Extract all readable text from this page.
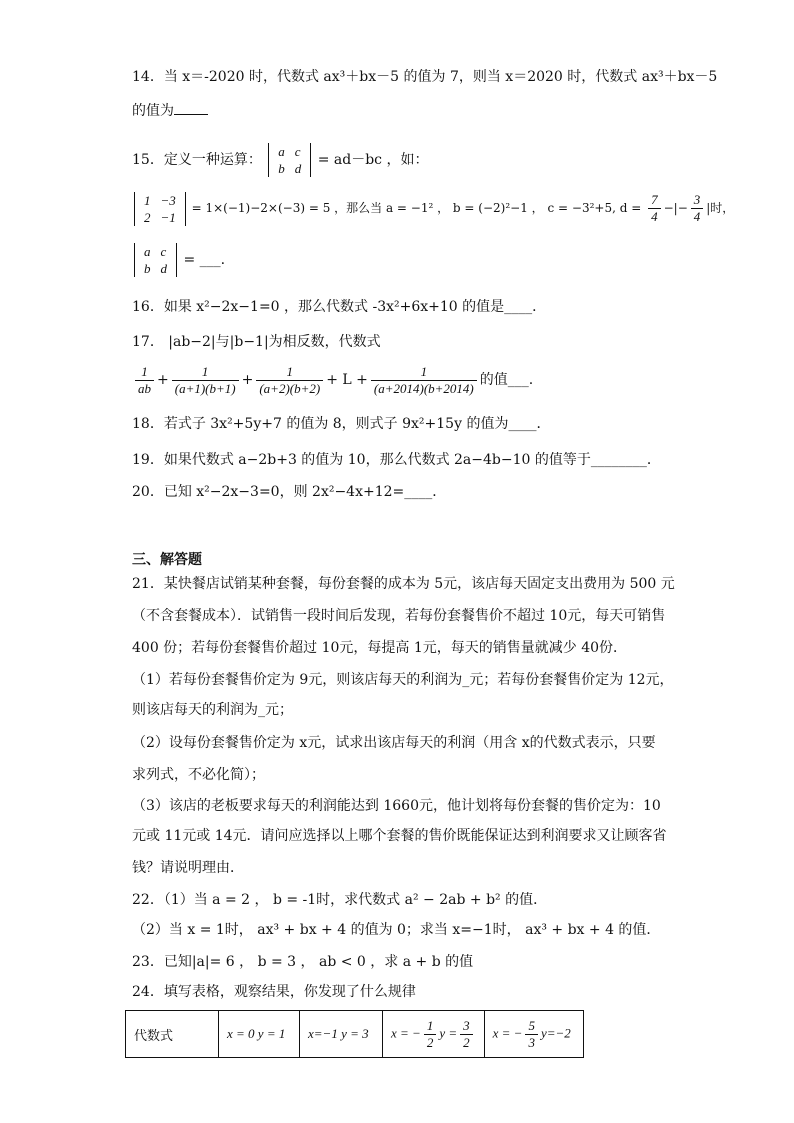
14．当 x＝-2020 时，代数式 ax³＋bx－5 的值为 7，则当 x＝2020 时，代数式 ax³＋bx－5
的值为
15．定义一种运算：
a	c
b	d
= ad－bc ，如：
1	−3
2	−1
= 1×(−1)−2×(−3) = 5 ，那么当 a = −1² ， b = (−2)²−1 ， c = −3²+5, $d = \frac{7}{4}$ −|− $\frac{3}{4}$ |时，
a	c
b	d
= ___.
16．如果 x²−2x−1=0 ，那么代数式 -3x²+6x+10 的值是____．
17． |ab−2|与|b−1|为相反数，代数式
$\frac{1}{ab} + \frac{1}{(a+1)(b+1)} + \frac{1}{(a+2)(b+2)} + L + \frac{1}{(a+2014)(b+2014)}$ 的值___.
18．若式子 3x²+5y+7 的值为 8，则式子 9x²+15y 的值为____．
19．如果代数式 a−2b+3 的值为 10，那么代数式 2a−4b−10 的值等于________．
20．已知 x²−2x−3=0，则 2x²−4x+12=____．
三、解答题
21．某快餐店试销某种套餐，每份套餐的成本为 5元，该店每天固定支出费用为 500 元
（不含套餐成本）．试销售一段时间后发现，若每份套餐售价不超过 10元，每天可销售
400 份；若每份套餐售价超过 10元，每提高 1元，每天的销售量就减少 40份．
（1）若每份套餐售价定为 9元，则该店每天的利润为_元；若每份套餐售价定为 12元，
则该店每天的利润为_元；
（2）设每份套餐售价定为 x元，试求出该店每天的利润（用含 x的代数式表示，只要
求列式，不必化简）；
（3）该店的老板要求每天的利润能达到 1660元，他计划将每份套餐的售价定为：10
元或 11元或 14元．请问应选择以上哪个套餐的售价既能保证达到利润要求又让顾客省
钱？请说明理由．
22．（1）当 a = 2 ， b = -1时，求代数式 a² − 2ab + b² 的值．
（2）当 x = 1时， ax³ + bx + 4 的值为 0；求当 x=−1时， ax³ + bx + 4 的值．
23．已知|a|= 6 ， b = 3 ， ab < 0 ，求 a + b 的值
24．填写表格，观察结果，你发现了什么规律
代数式	x = 0 y = 1	x=−1 y = 3	x = − $\frac{1}{2}$ $y = \frac{3}{2}$	x = − $\frac{5}{3} y=-2$
